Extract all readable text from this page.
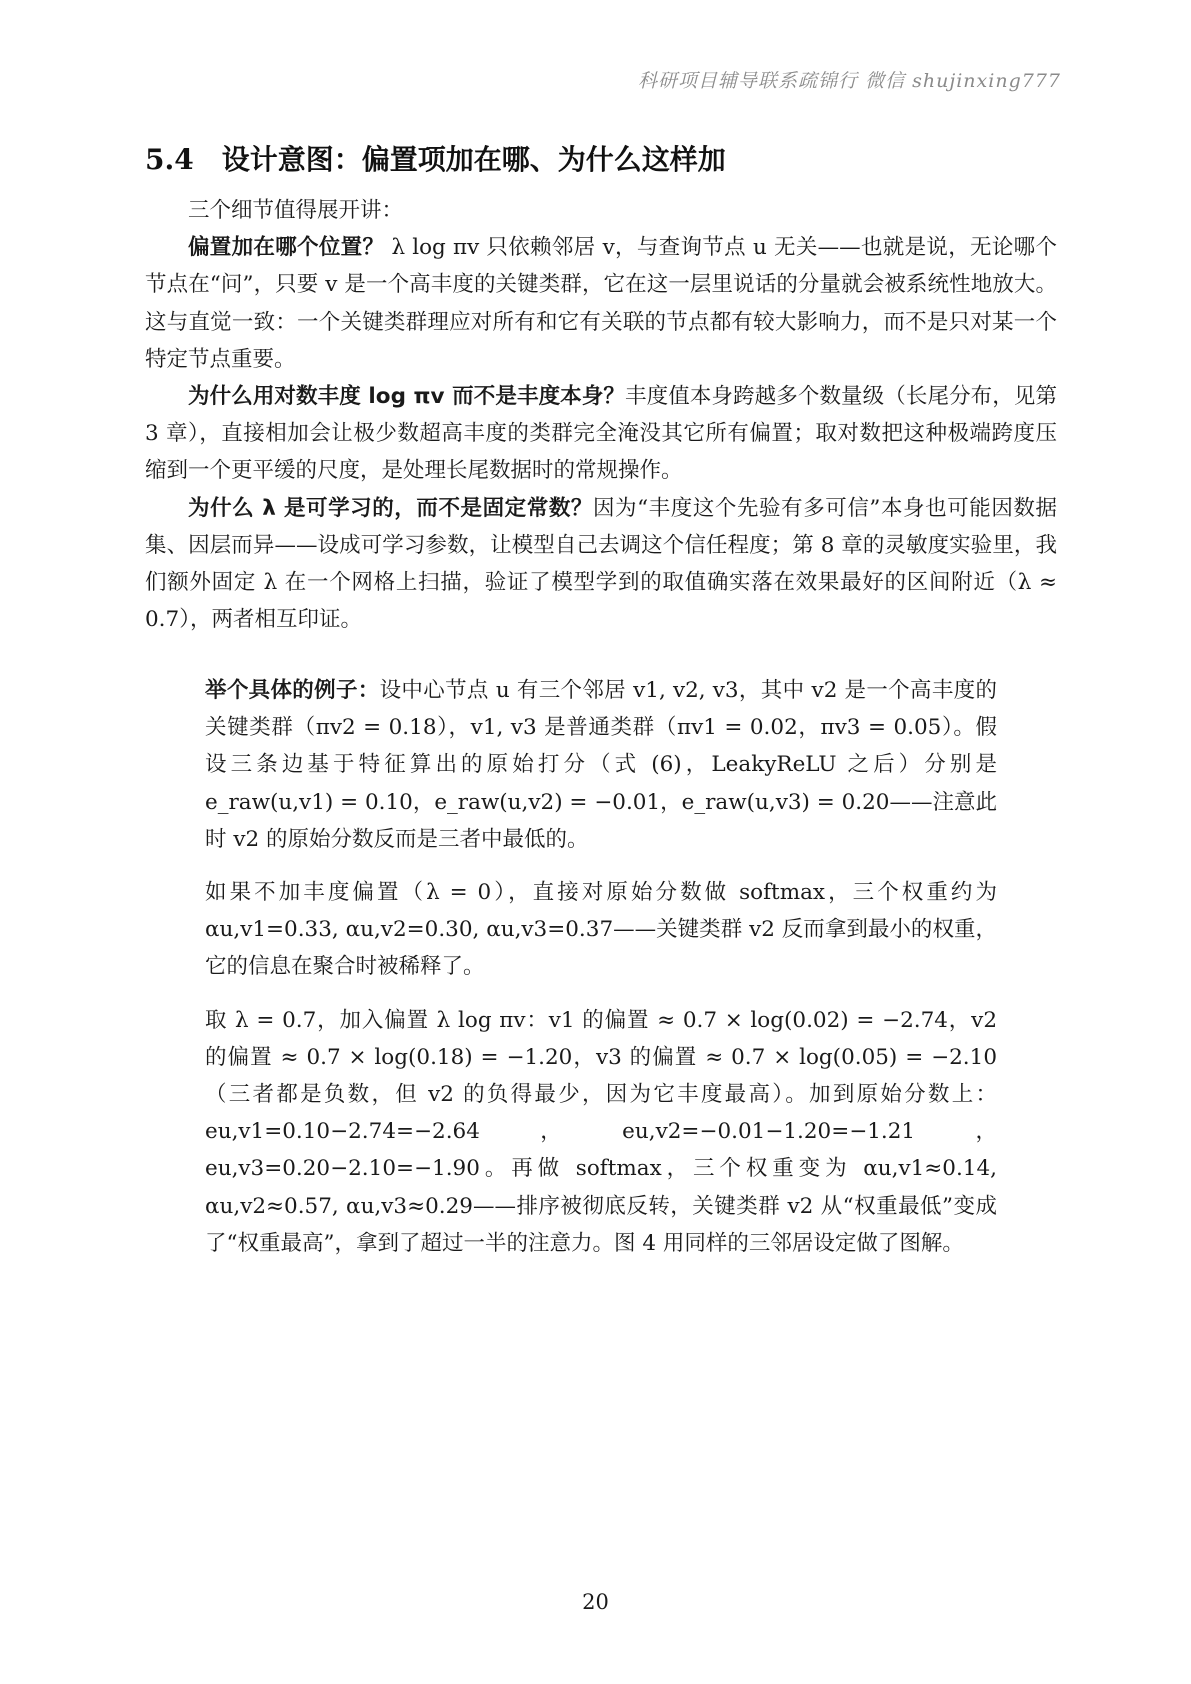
科研项目辅导联系疏锦行 微信 shujinxing777
5.4 设计意图：偏置项加在哪、为什么这样加

三个细节值得展开讲：

偏置加在哪个位置？ λ log πv 只依赖邻居 v，与查询节点 u 无关——也就是说，无论哪个节点在“问”，只要 v 是一个高丰度的关键类群，它在这一层里说话的分量就会被系统性地放大。这与直觉一致：一个关键类群理应对所有和它有关联的节点都有较大影响力，而不是只对某一个特定节点重要。

为什么用对数丰度 log πv 而不是丰度本身？丰度值本身跨越多个数量级（长尾分布，见第 3 章），直接相加会让极少数超高丰度的类群完全淹没其它所有偏置；取对数把这种极端跨度压缩到一个更平缓的尺度，是处理长尾数据时的常规操作。

为什么 λ 是可学习的，而不是固定常数？因为“丰度这个先验有多可信”本身也可能因数据集、因层而异——设成可学习参数，让模型自己去调这个信任程度；第 8 章的灵敏度实验里，我们额外固定 λ 在一个网格上扫描，验证了模型学到的取值确实落在效果最好的区间附近（λ ≈ 0.7），两者相互印证。

举个具体的例子：设中心节点 u 有三个邻居 v1, v2, v3，其中 v2 是一个高丰度的关键类群（πv2 = 0.18），v1, v3 是普通类群（πv1 = 0.02，πv3 = 0.05）。假设三条边基于特征算出的原始打分（式 (6)，LeakyReLU 之后）分别是 e_raw(u,v1) = 0.10，e_raw(u,v2) = −0.01，e_raw(u,v3) = 0.20——注意此时 v2 的原始分数反而是三者中最低的。

如果不加丰度偏置（λ = 0），直接对原始分数做 softmax，三个权重约为 αu,v1=0.33, αu,v2=0.30, αu,v3=0.37——关键类群 v2 反而拿到最小的权重，它的信息在聚合时被稀释了。

取 λ = 0.7，加入偏置 λ log πv：v1 的偏置 ≈ 0.7 × log(0.02) = −2.74，v2 的偏置 ≈ 0.7 × log(0.18) = −1.20，v3 的偏置 ≈ 0.7 × log(0.05) = −2.10（三者都是负数，但 v2 的负得最少，因为它丰度最高）。加到原始分数上：eu,v1=0.10−2.74=−2.64，eu,v2=−0.01−1.20=−1.21，eu,v3=0.20−2.10=−1.90。再做 softmax，三个权重变为 αu,v1≈0.14, αu,v2≈0.57, αu,v3≈0.29——排序被彻底反转，关键类群 v2 从“权重最低”变成了“权重最高”，拿到了超过一半的注意力。图 4 用同样的三邻居设定做了图解。

20
